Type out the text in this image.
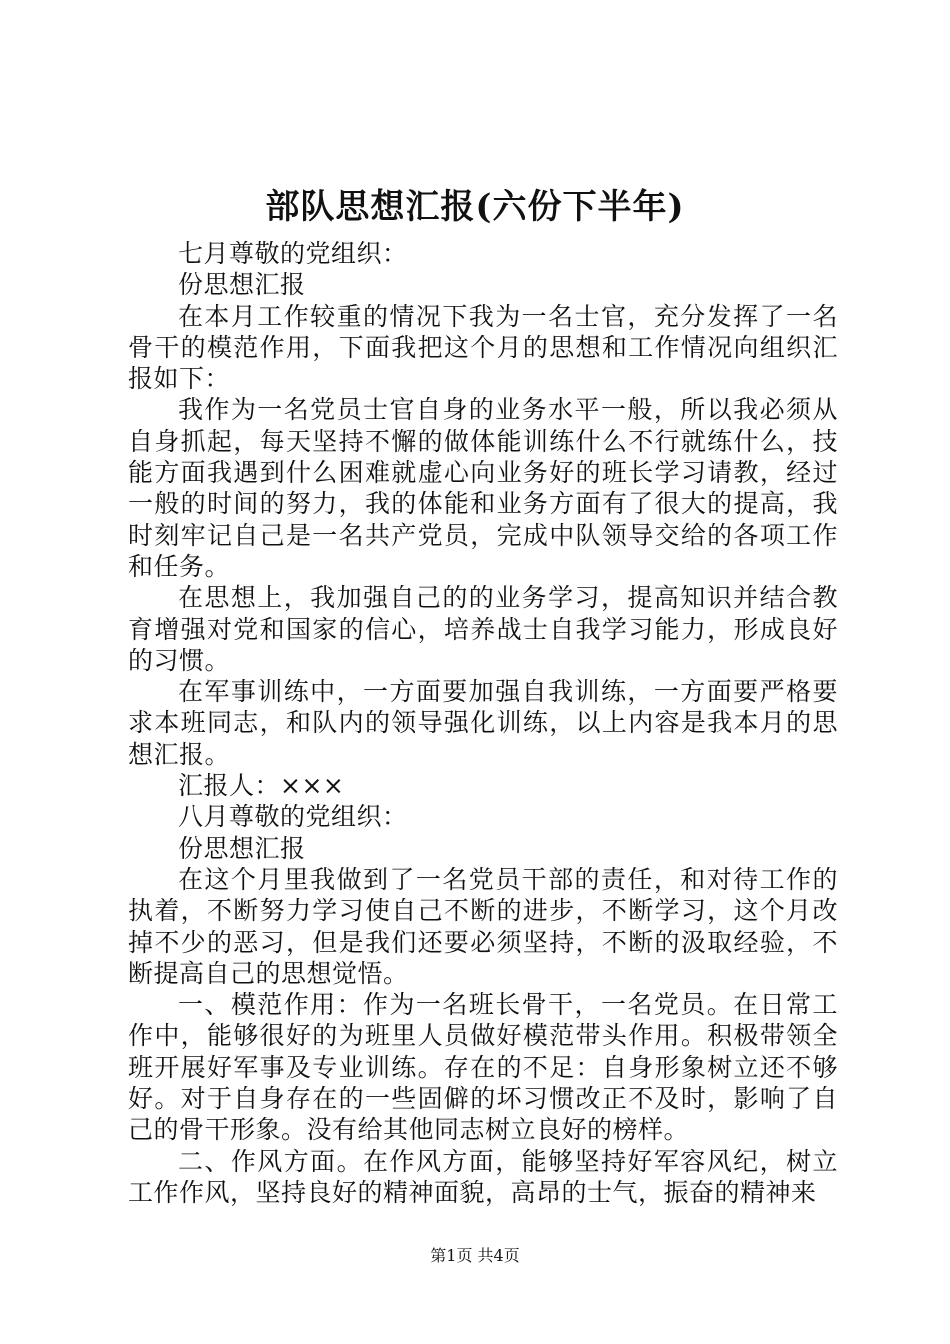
部队思想汇报(六份下半年)

七月尊敬的党组织：

份思想汇报

在本月工作较重的情况下我为一名士官，充分发挥了一名骨干的模范作用，下面我把这个月的思想和工作情况向组织汇报如下：

我作为一名党员士官自身的业务水平一般，所以我必须从自身抓起，每天坚持不懈的做体能训练什么不行就练什么，技能方面我遇到什么困难就虚心向业务好的班长学习请教，经过一般的时间的努力，我的体能和业务方面有了很大的提高，我时刻牢记自己是一名共产党员，完成中队领导交给的各项工作和任务。

在思想上，我加强自己的的业务学习，提高知识并结合教育增强对党和国家的信心，培养战士自我学习能力，形成良好的习惯。

在军事训练中，一方面要加强自我训练，一方面要严格要求本班同志，和队内的领导强化训练，以上内容是我本月的思想汇报。

汇报人：×××

八月尊敬的党组织：

份思想汇报

在这个月里我做到了一名党员干部的责任，和对待工作的执着，不断努力学习使自己不断的进步，不断学习，这个月改掉不少的恶习，但是我们还要必须坚持，不断的汲取经验，不断提高自己的思想觉悟。

一、模范作用：作为一名班长骨干，一名党员。在日常工作中，能够很好的为班里人员做好模范带头作用。积极带领全班开展好军事及专业训练。存在的不足：自身形象树立还不够好。对于自身存在的一些固僻的坏习惯改正不及时，影响了自己的骨干形象。没有给其他同志树立良好的榜样。

二、作风方面。在作风方面，能够坚持好军容风纪，树立工作作风，坚持良好的精神面貌，高昂的士气，振奋的精神来

第1页 共4页
